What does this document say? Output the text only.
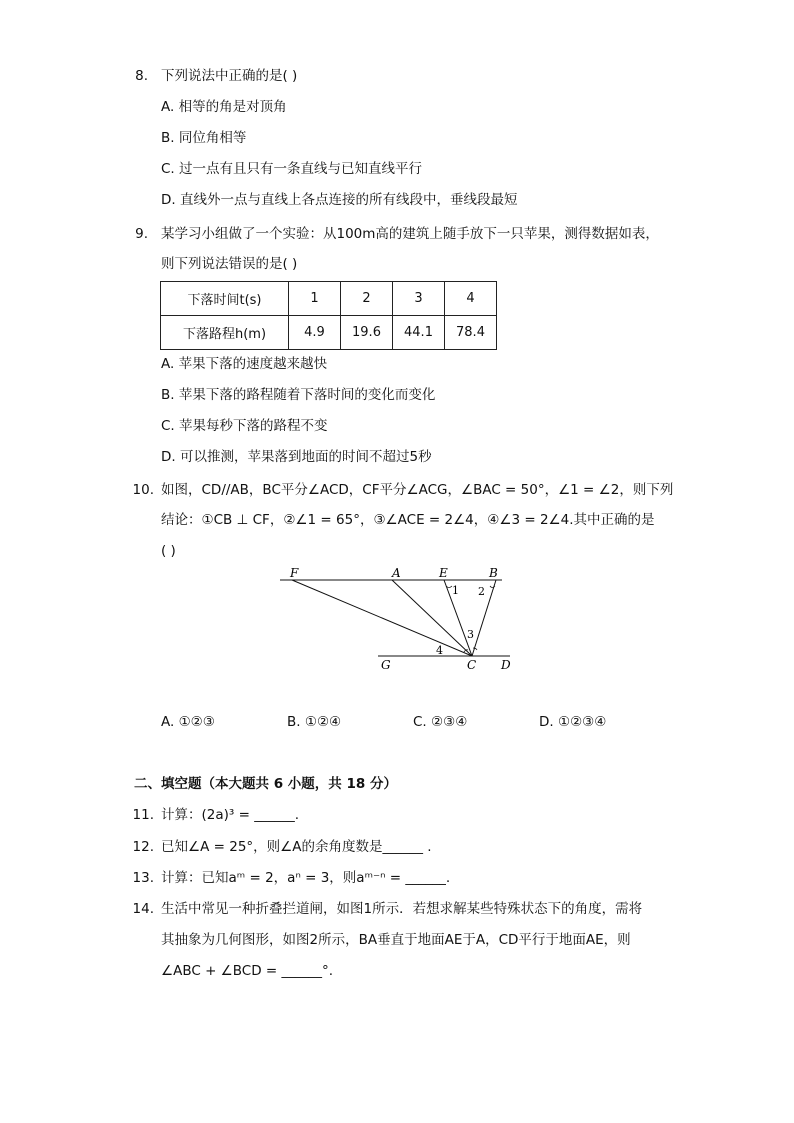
8. 下列说法中正确的是( )
A. 相等的角是对顶角
B. 同位角相等
C. 过一点有且只有一条直线与已知直线平行
D. 直线外一点与直线上各点连接的所有线段中，垂线段最短
9. 某学习小组做了一个实验：从100m高的建筑上随手放下一只苹果，测得数据如表，
则下列说法错误的是( )
下落时间t(s)	1	2	3	4
下落路程h(m)	4.9	19.6	44.1	78.4
A. 苹果下落的速度越来越快
B. 苹果下落的路程随着下落时间的变化而变化
C. 苹果每秒下落的路程不变
D. 可以推测，苹果落到地面的时间不超过5秒
10. 如图，CD//AB，BC平分∠ACD，CF平分∠ACG，∠BAC = 50°，∠1 = ∠2，则下列
结论：①CB ⊥ CF，②∠1 = 65°，③∠ACE = 2∠4，④∠3 = 2∠4.其中正确的是
( )
F	A	E	B
G	C D
1 2
3
4
A. ①②③	B. ①②④	C. ②③④	D. ①②③④
二、填空题（本大题共 6 小题，共 18 分）
11. 计算：(2a)³ = ______.
12. 已知∠A = 25°，则∠A的余角度数是______ .
13. 计算：已知aᵐ = 2，aⁿ = 3，则aᵐ⁻ⁿ = ______.
14. 生活中常见一种折叠拦道闸，如图1所示．若想求解某些特殊状态下的角度，需将
其抽象为几何图形，如图2所示，BA垂直于地面AE于A，CD平行于地面AE，则
∠ABC + ∠BCD = ______°.
